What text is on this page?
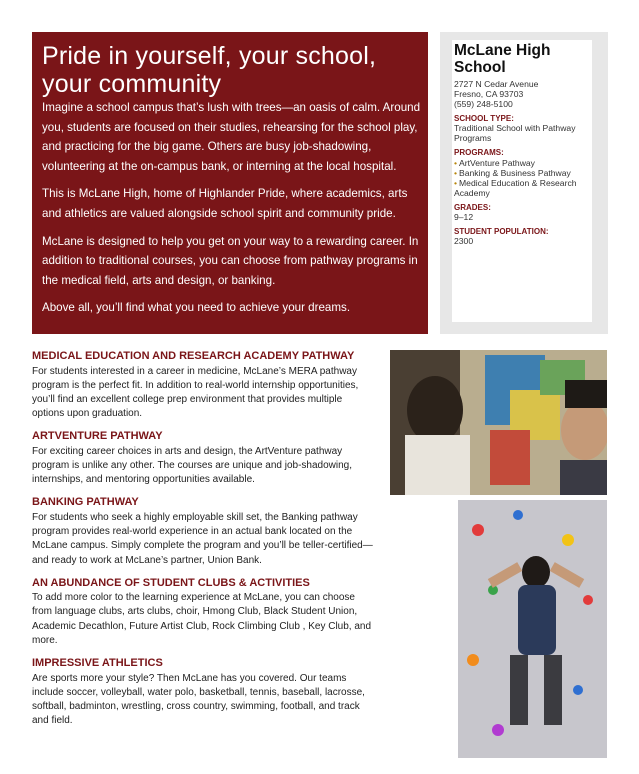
Pride in yourself, your school, your community

Imagine a school campus that’s lush with trees—an oasis of calm. Around you, students are focused on their studies, rehearsing for the school play, and practicing for the big game. Others are busy job-shadowing, volunteering at the on-campus bank, or interning at the local hospital.

This is McLane High, home of Highlander Pride, where academics, arts and athletics are valued alongside school spirit and community pride.

McLane is designed to help you get on your way to a rewarding career. In addition to traditional courses, you can choose from pathway programs in the medical field, arts and design, or banking.

Above all, you’ll find what you need to achieve your dreams.

McLane High School
2727 N Cedar Avenue
Fresno, CA 93703
(559) 248-5100
SCHOOL TYPE:
Traditional School with Pathway Programs
PROGRAMS:
• ArtVenture Pathway
• Banking & Business Pathway
• Medical Education & Research Academy
GRADES:
9–12
STUDENT POPULATION:
2300
MEDICAL EDUCATION AND RESEARCH ACADEMY PATHWAY

For students interested in a career in medicine, McLane’s MERA pathway program is the perfect fit. In addition to real-world internship opportunities, you’ll find an excellent college prep environment that provides multiple options upon graduation.

ARTVENTURE PATHWAY

For exciting career choices in arts and design, the ArtVenture pathway program is unlike any other. The courses are unique and job-shadowing, internships, and mentoring opportunities available.

BANKING PATHWAY

For students who seek a highly employable skill set, the Banking pathway program provides real-world experience in an actual bank located on the McLane campus. Simply complete the program and you’ll be teller-certified—and ready to work at McLane’s partner, Union Bank.

AN ABUNDANCE OF STUDENT CLUBS & ACTIVITIES

To add more color to the learning experience at McLane, you can choose from language clubs, arts clubs, choir, Hmong Club, Black Student Union, Academic Decathlon, Future Artist Club, Rock Climbing Club , Key Club, and more.

IMPRESSIVE ATHLETICS

Are sports more your style? Then McLane has you covered. Our teams include soccer, volleyball, water polo, basketball, tennis, baseball, lacrosse, softball, badminton, wrestling, cross country, swimming, football, and track and field.
